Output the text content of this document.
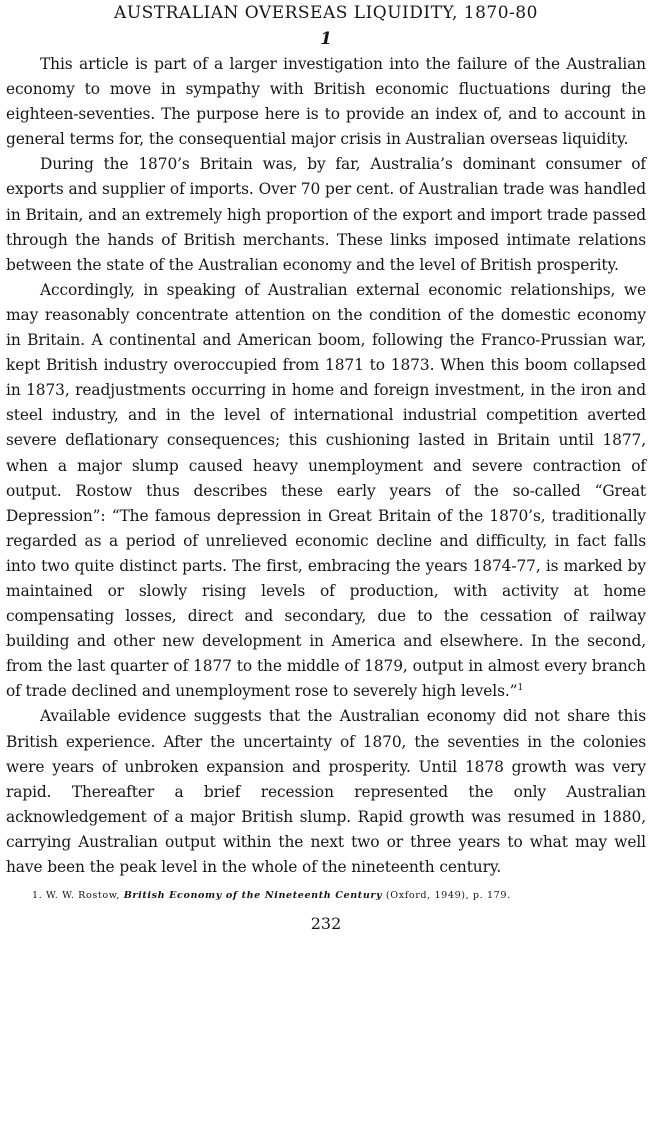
AUSTRALIAN OVERSEAS LIQUIDITY, 1870-80
1

This article is part of a larger investigation into the failure of the Australian economy to move in sympathy with British economic fluctuations during the eighteen-seventies. The purpose here is to provide an index of, and to account in general terms for, the consequential major crisis in Australian overseas liquidity.

During the 1870’s Britain was, by far, Australia’s dominant consumer of exports and supplier of imports. Over 70 per cent. of Australian trade was handled in Britain, and an extremely high proportion of the export and import trade passed through the hands of British merchants. These links imposed intimate relations between the state of the Australian economy and the level of British prosperity.

Accordingly, in speaking of Australian external economic relationships, we may reasonably concentrate attention on the condition of the domestic economy in Britain. A continental and American boom, following the Franco-Prussian war, kept British industry overoccupied from 1871 to 1873. When this boom collapsed in 1873, readjustments occurring in home and foreign investment, in the iron and steel industry, and in the level of international industrial competition averted severe deflationary consequences; this cushioning lasted in Britain until 1877, when a major slump caused heavy unemployment and severe contraction of output. Rostow thus describes these early years of the so-called “Great Depression”: “The famous depression in Great Britain of the 1870’s, traditionally regarded as a period of unrelieved economic decline and difficulty, in fact falls into two quite distinct parts. The first, embracing the years 1874-77, is marked by maintained or slowly rising levels of production, with activity at home compensating losses, direct and secondary, due to the cessation of railway building and other new development in America and elsewhere. In the second, from the last quarter of 1877 to the middle of 1879, output in almost every branch of trade declined and unemployment rose to severely high levels.”$^1$

Available evidence suggests that the Australian economy did not share this British experience. After the uncertainty of 1870, the seventies in the colonies were years of unbroken expansion and prosperity. Until 1878 growth was very rapid. Thereafter a brief recession represented the only Australian acknowledgement of a major British slump. Rapid growth was resumed in 1880, carrying Australian output within the next two or three years to what may well have been the peak level in the whole of the nineteenth century.

1. W. W. Rostow, British Economy of the Nineteenth Century (Oxford, 1949), p. 179.
232
